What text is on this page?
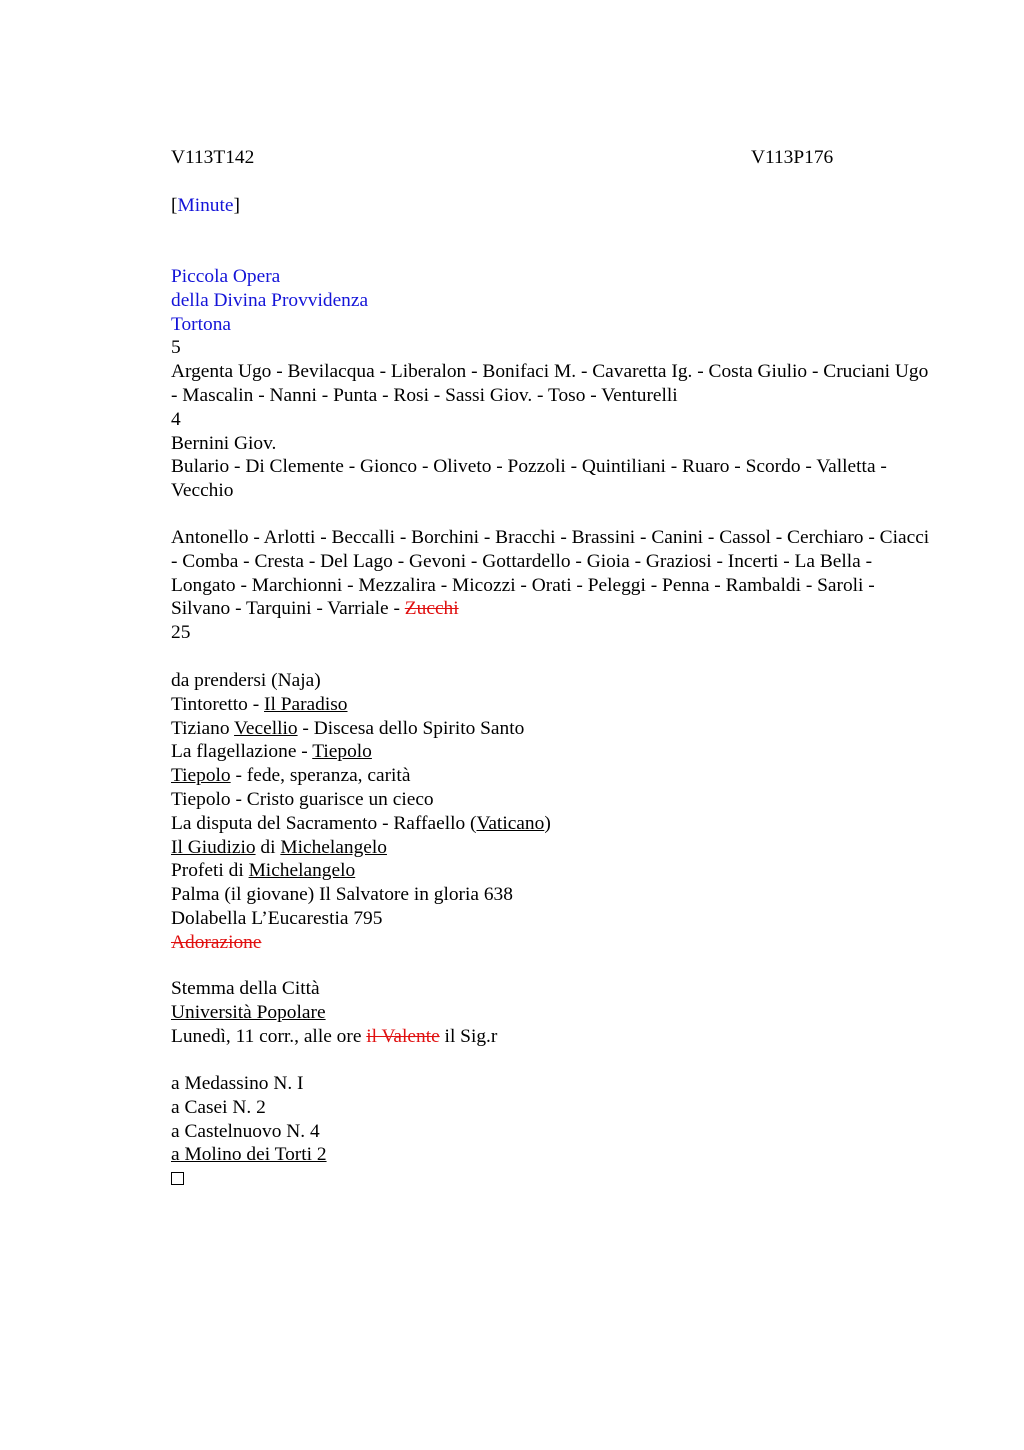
V113T142	V113P176
[Minute]
Piccola Opera
della Divina Provvidenza
Tortona
5
Argenta Ugo - Bevilacqua - Liberalon - Bonifaci M. - Cavaretta Ig. - Costa Giulio - Cruciani Ugo - Mascalin - Nanni - Punta - Rosi - Sassi Giov. - Toso - Venturelli
4
Bernini Giov.
Bulario - Di Clemente - Gionco - Oliveto - Pozzoli - Quintiliani - Ruaro - Scordo - Valletta - Vecchio
Antonello - Arlotti - Beccalli - Borchini - Bracchi - Brassini - Canini - Cassol - Cerchiaro - Ciacci - Comba - Cresta - Del Lago - Gevoni - Gottardello - Gioia - Graziosi - Incerti - La Bella - Longato - Marchionni - Mezzalira - Micozzi - Orati - Peleggi - Penna - Rambaldi - Saroli - Silvano - Tarquini - Varriale - Zucchi
25
da prendersi (Naja)
Tintoretto - Il Paradiso
Tiziano Vecellio - Discesa dello Spirito Santo
La flagellazione - Tiepolo
Tiepolo - fede, speranza, carità
Tiepolo - Cristo guarisce un cieco
La disputa del Sacramento - Raffaello (Vaticano)
Il Giudizio di Michelangelo
Profeti di Michelangelo
Palma (il giovane) Il Salvatore in gloria 638
Dolabella L’Eucarestia 795
Adorazione
Stemma della Città
Università Popolare
Lunedì, 11 corr., alle ore il Valente il Sig.r
a Medassino N. I
a Casei N. 2
a Castelnuovo N. 4
a Molino dei Torti 2
